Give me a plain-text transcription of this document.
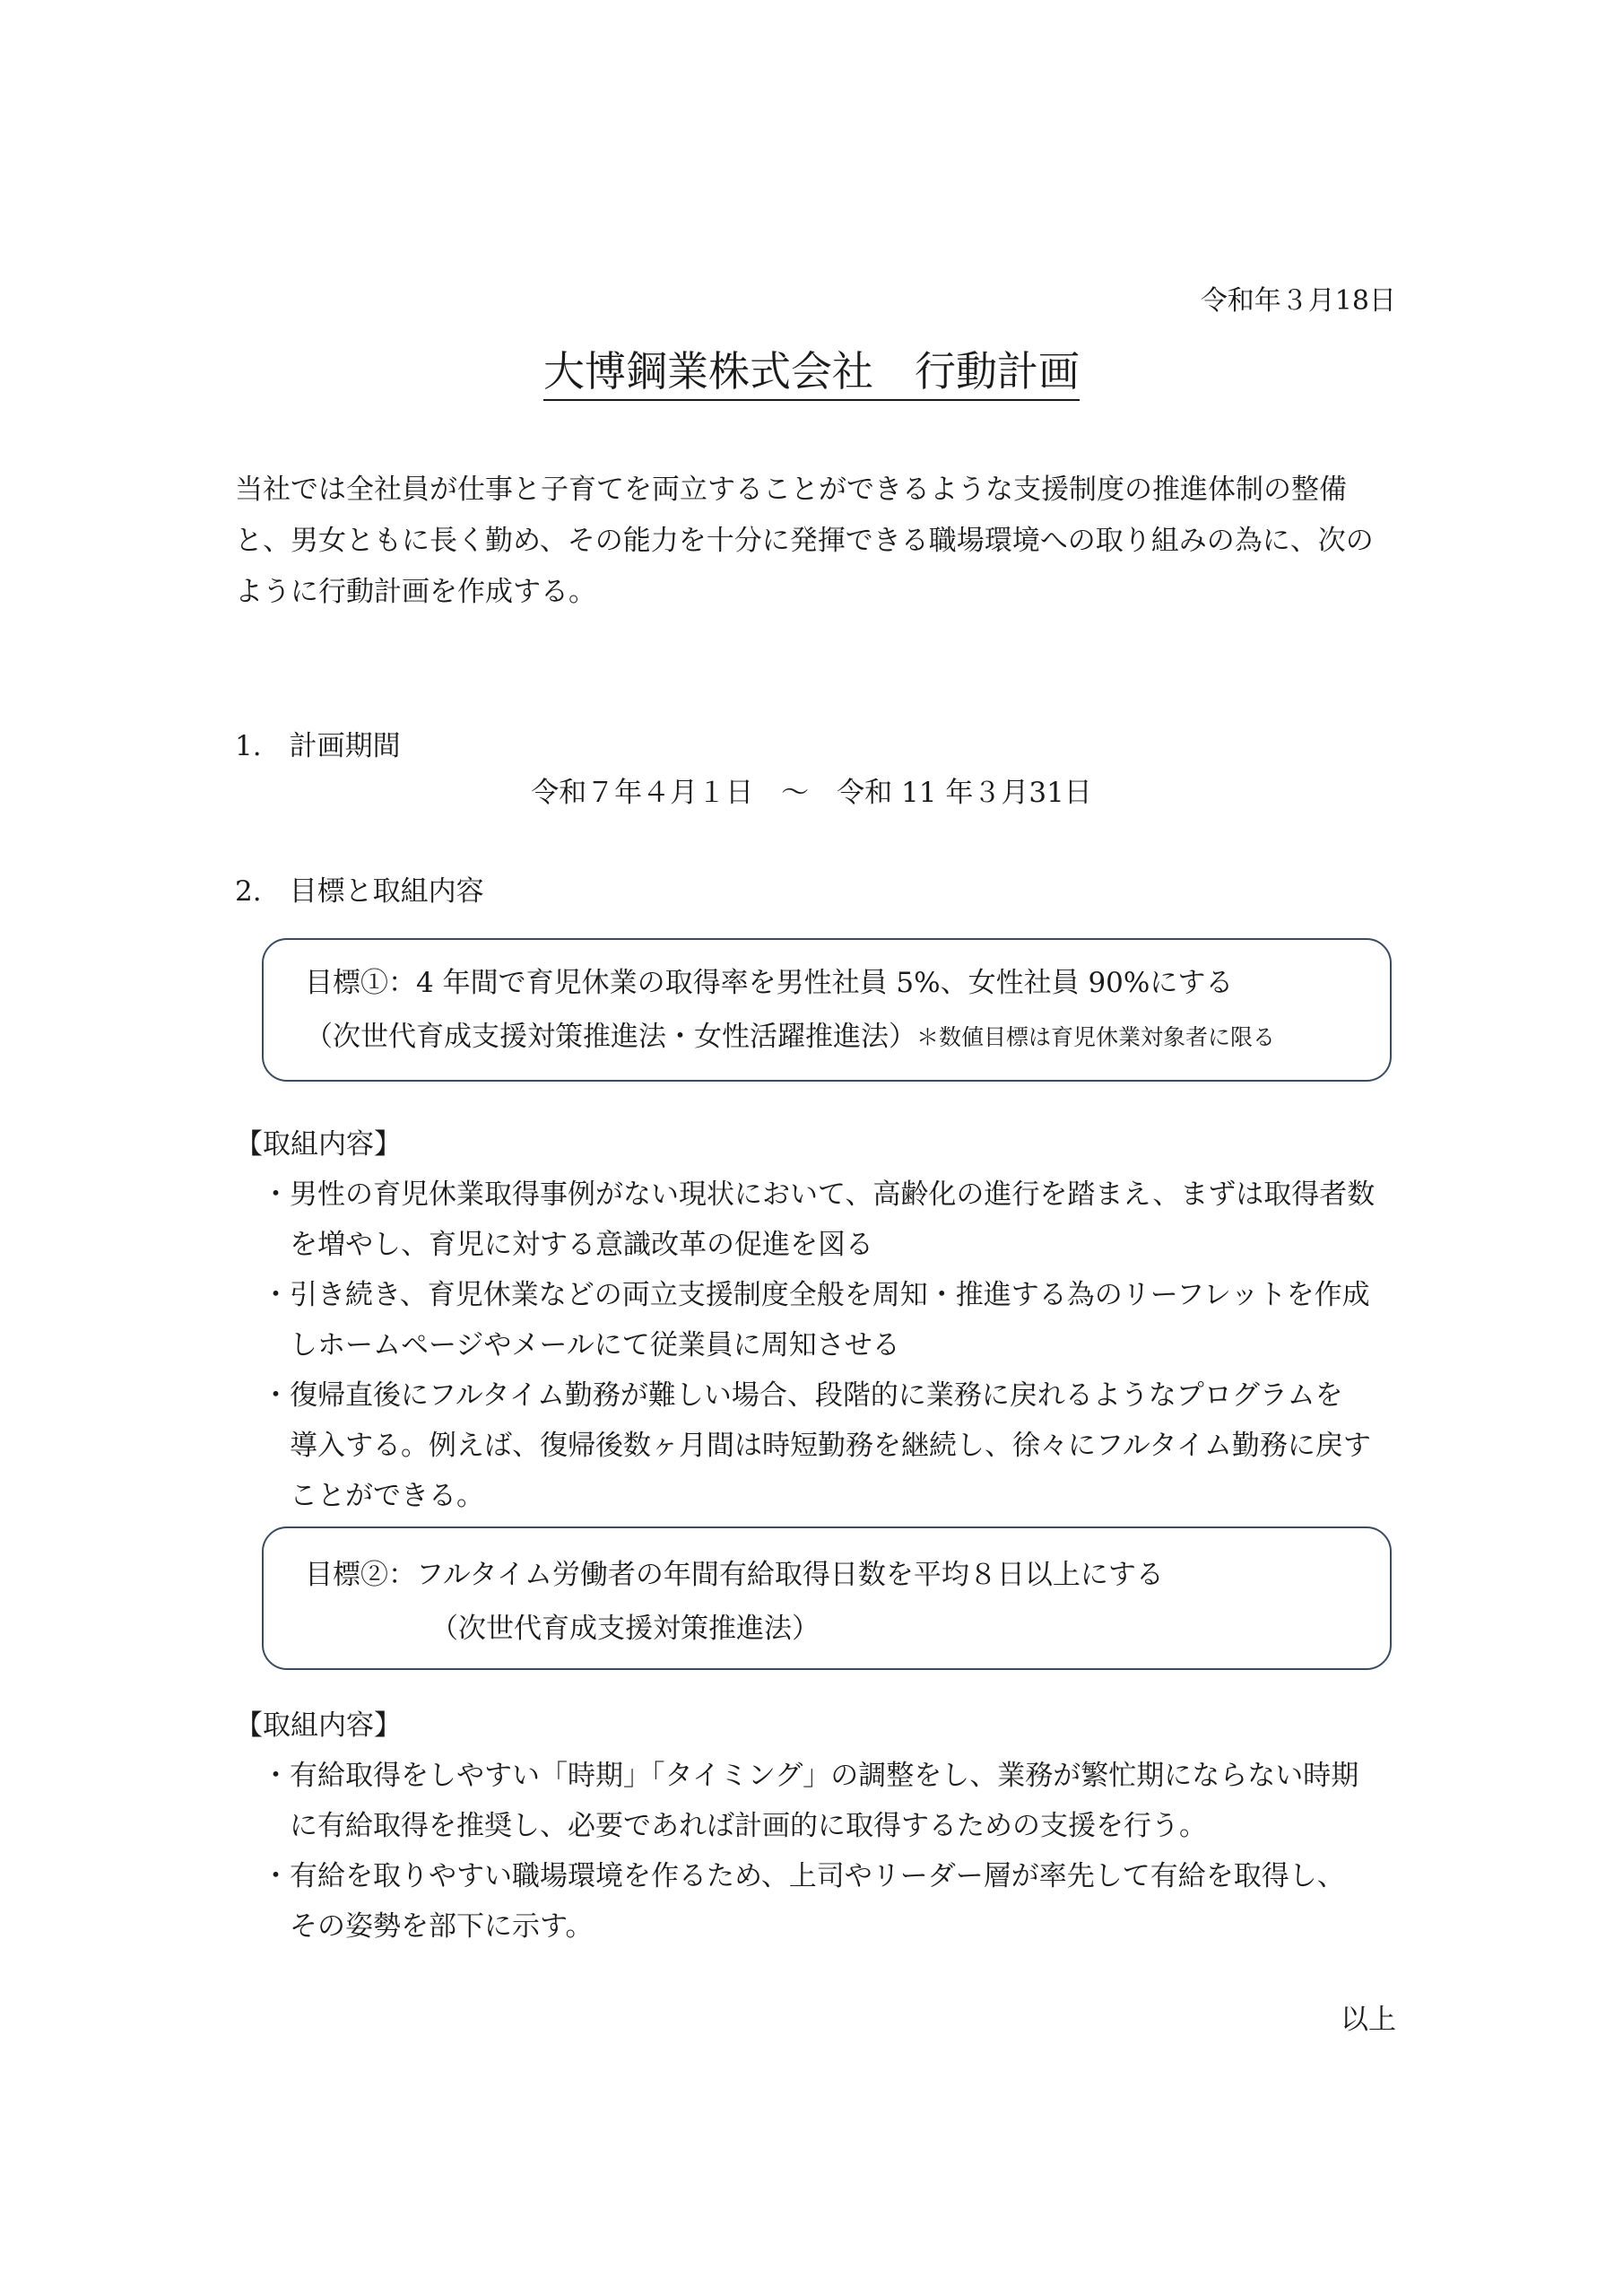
令和年３月18日
大博鋼業株式会社　行動計画
当社では全社員が仕事と子育てを両立することができるような支援制度の推進体制の整備
と、男女ともに長く勤め、その能力を十分に発揮できる職場環境への取り組みの為に、次の
ように行動計画を作成する。
1.　計画期間
令和７年４月１日　～　令和 11 年３月31日
2.　目標と取組内容
目標①：4 年間で育児休業の取得率を男性社員 5%、女性社員 90%にする
（次世代育成支援対策推進法・女性活躍推進法） ＊数値目標は育児休業対象者に限る
【取組内容】
・男性の育児休業取得事例がない現状において、高齢化の進行を踏まえ、まずは取得者数
を増やし、育児に対する意識改革の促進を図る
・引き続き、育児休業などの両立支援制度全般を周知・推進する為のリーフレットを作成
しホームページやメールにて従業員に周知させる
・復帰直後にフルタイム勤務が難しい場合、段階的に業務に戻れるようなプログラムを
導入する。例えば、復帰後数ヶ月間は時短勤務を継続し、徐々にフルタイム勤務に戻す
ことができる。
目標②：フルタイム労働者の年間有給取得日数を平均８日以上にする
（次世代育成支援対策推進法）
【取組内容】
・有給取得をしやすい「時期」「タイミング」の調整をし、業務が繁忙期にならない時期
に有給取得を推奨し、必要であれば計画的に取得するための支援を行う。
・有給を取りやすい職場環境を作るため、上司やリーダー層が率先して有給を取得し、
その姿勢を部下に示す。
以上
